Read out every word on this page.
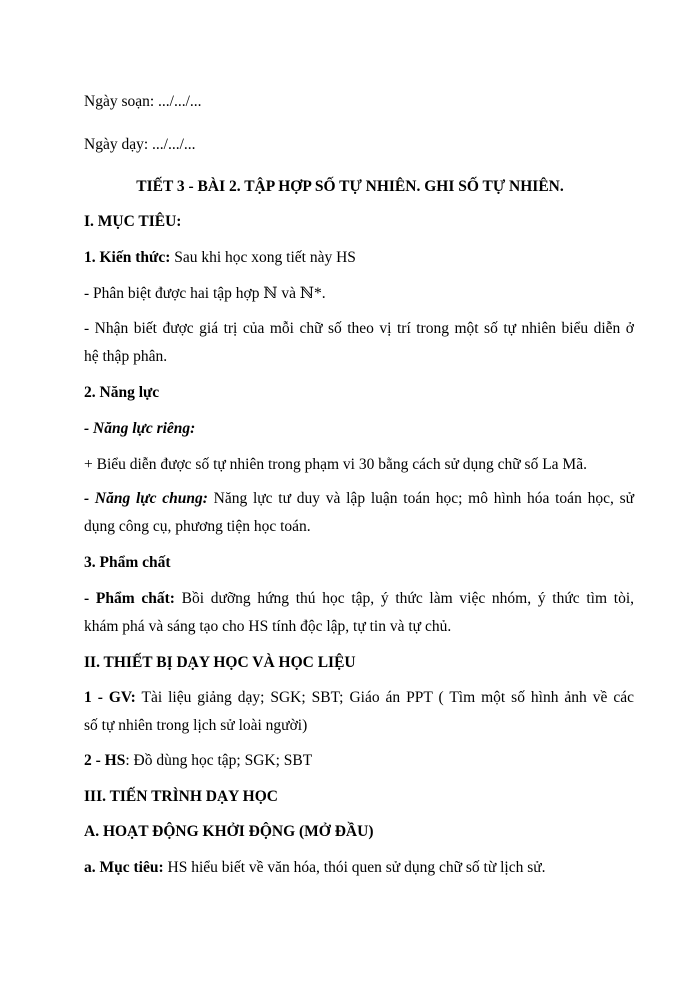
Ngày soạn: .../.../...
Ngày dạy: .../.../...
TIẾT 3 - BÀI 2. TẬP HỢP SỐ TỰ NHIÊN. GHI SỐ TỰ NHIÊN.
I. MỤC TIÊU:
1. Kiến thức: Sau khi học xong tiết này HS
- Phân biệt được hai tập hợp ℕ và ℕ*.
- Nhận biết được giá trị của mỗi chữ số theo vị trí trong một số tự nhiên biểu diễn ở
hệ thập phân.
2. Năng lực
- Năng lực riêng:
+ Biểu diễn được số tự nhiên trong phạm vi 30 bằng cách sử dụng chữ số La Mã.
- Năng lực chung: Năng lực tư duy và lập luận toán học; mô hình hóa toán học, sử
dụng công cụ, phương tiện học toán.
3. Phẩm chất
- Phẩm chất: Bồi dưỡng hứng thú học tập, ý thức làm việc nhóm, ý thức tìm tòi,
khám phá và sáng tạo cho HS tính độc lập, tự tin và tự chủ.
II. THIẾT BỊ DẠY HỌC VÀ HỌC LIỆU
1 - GV: Tài liệu giảng dạy; SGK; SBT; Giáo án PPT ( Tìm một số hình ảnh về các
số tự nhiên trong lịch sử loài người)
2 - HS: Đồ dùng học tập; SGK; SBT
III. TIẾN TRÌNH DẠY HỌC
A. HOẠT ĐỘNG KHỞI ĐỘNG (MỞ ĐẦU)
a. Mục tiêu: HS hiểu biết về văn hóa, thói quen sử dụng chữ số từ lịch sử.
